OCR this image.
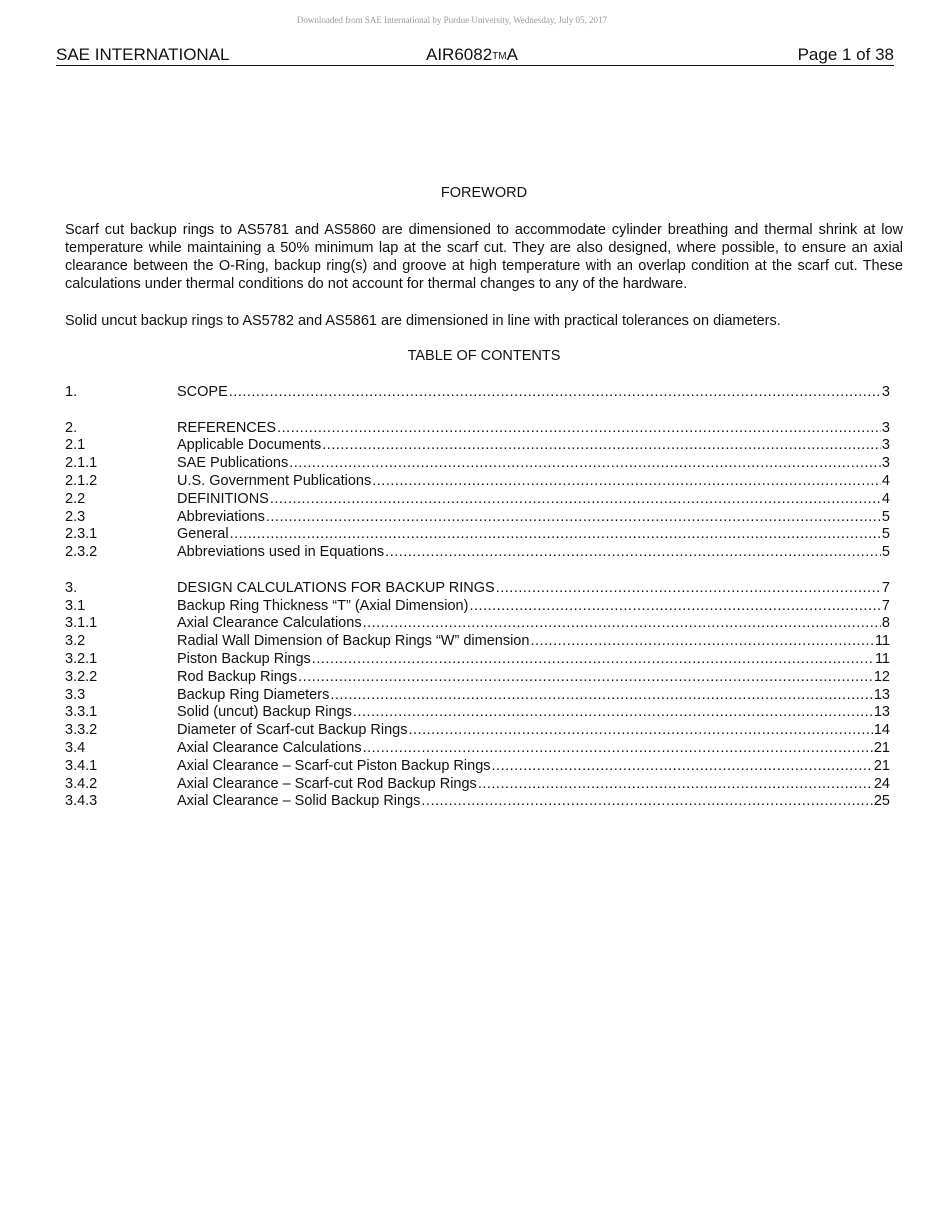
Downloaded from SAE International by Purdue University, Wednesday, July 05, 2017
SAE INTERNATIONAL	AIR6082™A	Page 1 of 38
FOREWORD
Scarf cut backup rings to AS5781 and AS5860 are dimensioned to accommodate cylinder breathing and thermal shrink at low temperature while maintaining a 50% minimum lap at the scarf cut. They are also designed, where possible, to ensure an axial clearance between the O-Ring, backup ring(s) and groove at high temperature with an overlap condition at the scarf cut. These calculations under thermal conditions do not account for thermal changes to any of the hardware.
Solid uncut backup rings to AS5782 and AS5861 are dimensioned in line with practical tolerances on diameters.
TABLE OF CONTENTS
1.	SCOPE .....	3
2.	REFERENCES .....	3
2.1	Applicable Documents .....	3
2.1.1	SAE Publications .....	3
2.1.2	U.S. Government Publications .....	4
2.2	DEFINITIONS .....	4
2.3	Abbreviations .....	5
2.3.1	General .....	5
2.3.2	Abbreviations used in Equations .....	5
3.	DESIGN CALCULATIONS FOR BACKUP RINGS .....	7
3.1	Backup Ring Thickness “T” (Axial Dimension) .....	7
3.1.1	Axial Clearance Calculations .....	8
3.2	Radial Wall Dimension of Backup Rings “W” dimension .....	11
3.2.1	Piston Backup Rings .....	11
3.2.2	Rod Backup Rings .....	12
3.3	Backup Ring Diameters .....	13
3.3.1	Solid (uncut) Backup Rings .....	13
3.3.2	Diameter of Scarf-cut Backup Rings .....	14
3.4	Axial Clearance Calculations .....	21
3.4.1	Axial Clearance – Scarf-cut Piston Backup Rings .....	21
3.4.2	Axial Clearance – Scarf-cut Rod Backup Rings .....	24
3.4.3	Axial Clearance – Solid Backup Rings .....	25
